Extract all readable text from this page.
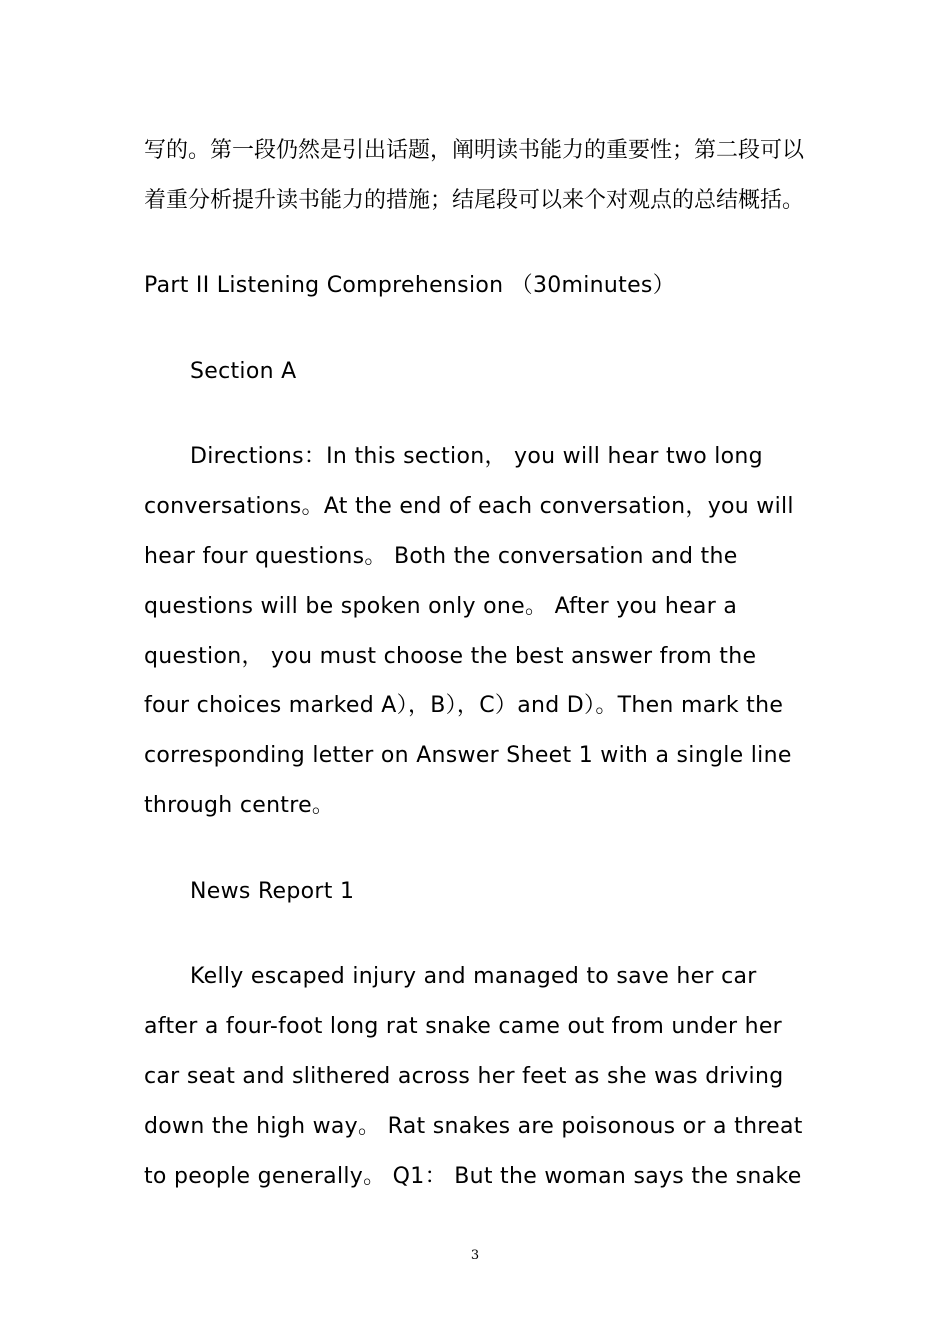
写的。第一段仍然是引出话题，阐明读书能力的重要性；第二段可以
着重分析提升读书能力的措施；结尾段可以来个对观点的总结概括。
Part II Listening Comprehension （30minutes）
Section A
Directions：In this section， you will hear two long
conversations。At the end of each conversation，you will
hear four questions。 Both the conversation and the
questions will be spoken only one。 After you hear a
question， you must choose the best answer from the
four choices marked A），B），C）and D）。Then mark the
corresponding letter on Answer Sheet 1 with a single line
through centre。
News Report 1
Kelly escaped injury and managed to save her car
after a four-foot long rat snake came out from under her
car seat and slithered across her feet as she was driving
down the high way。 Rat snakes are poisonous or a threat
to people generally。 Q1： But the woman says the snake
3
